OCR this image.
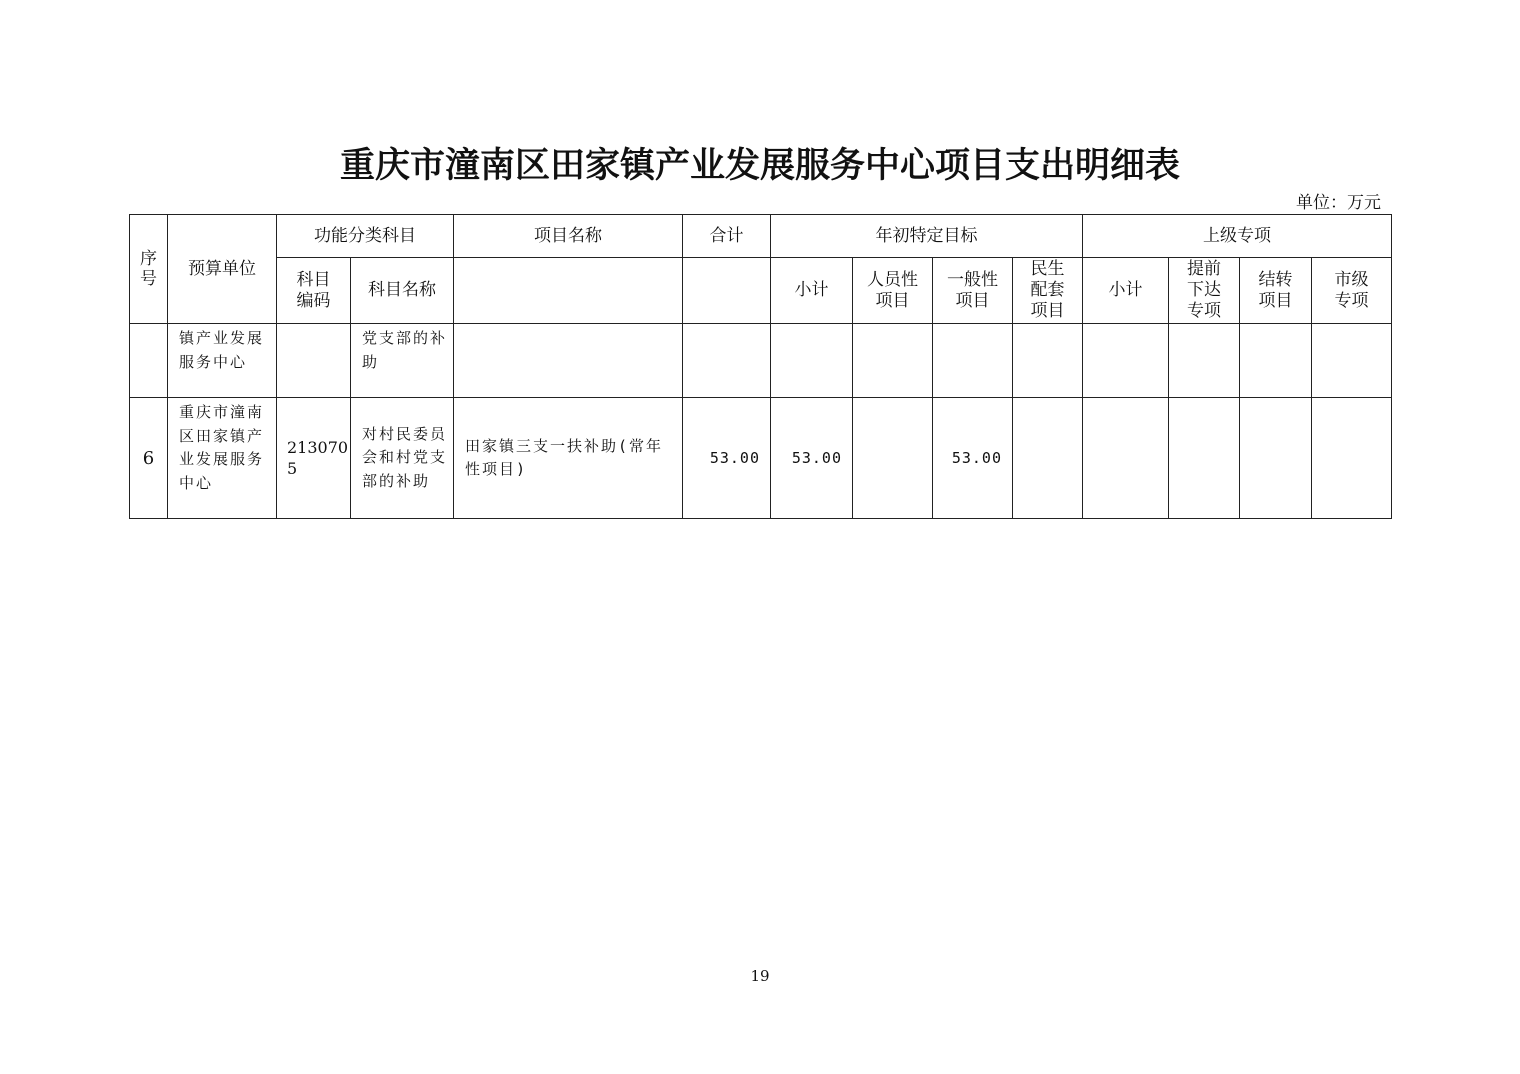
重庆市潼南区田家镇产业发展服务中心项目支出明细表
单位：万元
序号	预算单位	功能分类科目		项目名称	合计	年初特定目标				上级专项			

		科目编码	科目名称			小计	人员性项目	一般性项目	民生配套项目	小计	提前下达专项	结转项目	市级专项

	镇产业发展服务中心		党支部的补助										
6	重庆市潼南区田家镇产业发展服务中心	2130705	对村民委员会和村党支部的补助	田家镇三支一扶补助(常年性项目)	53.00	53.00		53.00					
19
